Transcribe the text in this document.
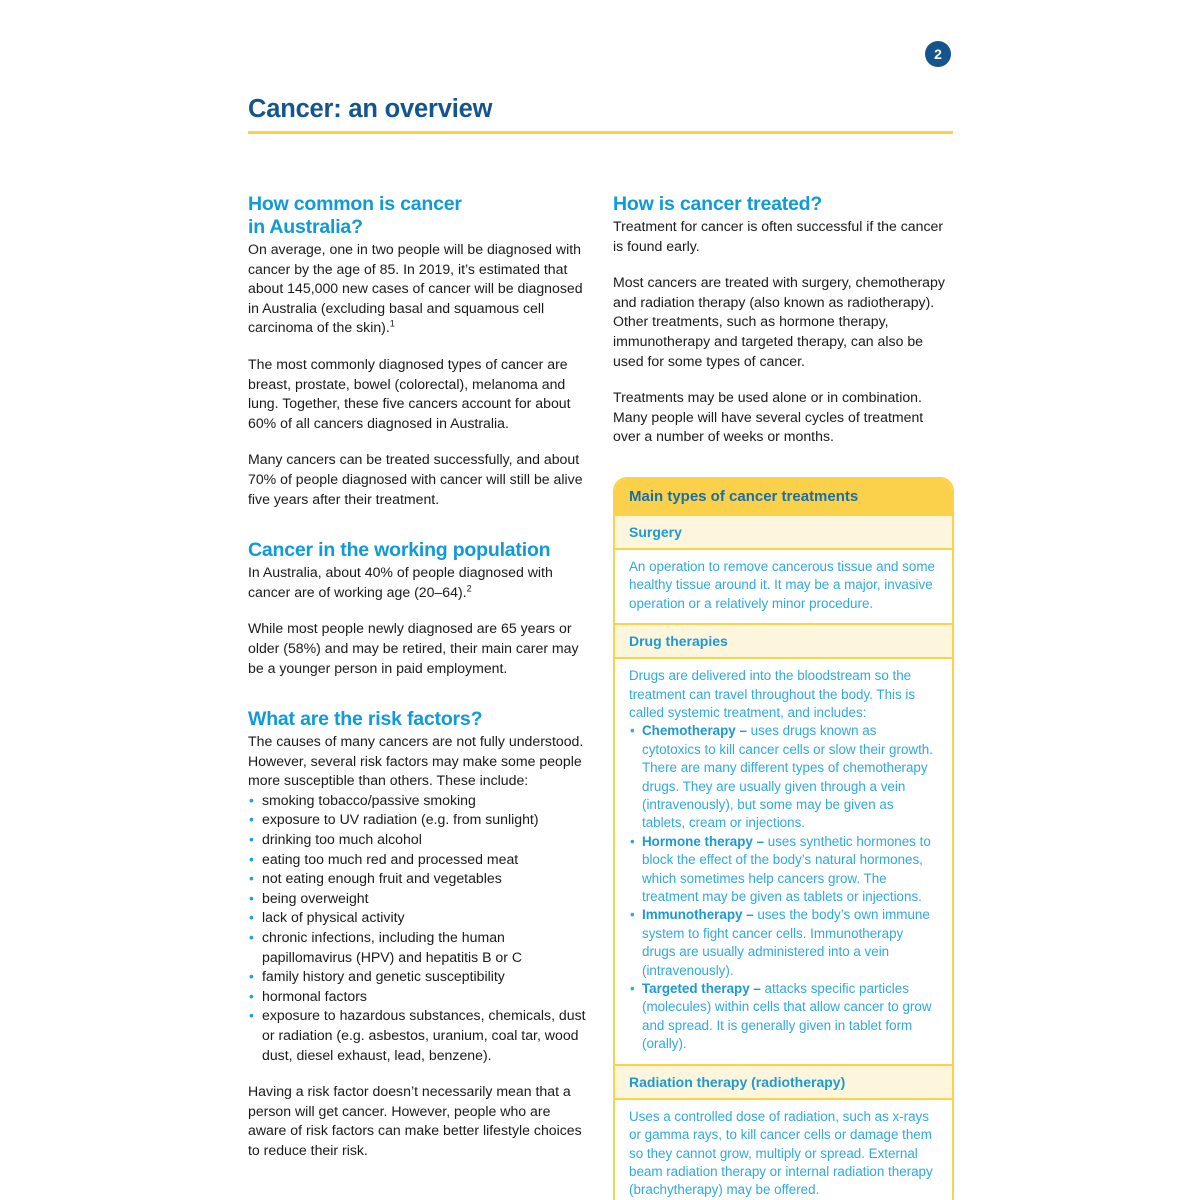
2
Cancer: an overview
How common is cancer
in Australia?

On average, one in two people will be diagnosed with cancer by the age of 85. In 2019, it’s estimated that about 145,000 new cases of cancer will be diagnosed in Australia (excluding basal and squamous cell carcinoma of the skin).$^1$

The most commonly diagnosed types of cancer are breast, prostate, bowel (colorectal), melanoma and lung. Together, these five cancers account for about 60% of all cancers diagnosed in Australia.

Many cancers can be treated successfully, and about 70% of people diagnosed with cancer will still be alive five years after their treatment.

Cancer in the working population

In Australia, about 40% of people diagnosed with cancer are of working age (20–64).$^2$

While most people newly diagnosed are 65 years or older (58%) and may be retired, their main carer may be a younger person in paid employment.

What are the risk factors?

The causes of many cancers are not fully understood. However, several risk factors may make some people more susceptible than others. These include:

• smoking tobacco/passive smoking
• exposure to UV radiation (e.g. from sunlight)
• drinking too much alcohol
• eating too much red and processed meat
• not eating enough fruit and vegetables
• being overweight
• lack of physical activity
• chronic infections, including the human papillomavirus (HPV) and hepatitis B or C
• family history and genetic susceptibility
• hormonal factors
• exposure to hazardous substances, chemicals, dust or radiation (e.g. asbestos, uranium, coal tar, wood dust, diesel exhaust, lead, benzene).

Having a risk factor doesn’t necessarily mean that a person will get cancer. However, people who are aware of risk factors can make better lifestyle choices to reduce their risk.

How is cancer treated?

Treatment for cancer is often successful if the cancer is found early.

Most cancers are treated with surgery, chemotherapy and radiation therapy (also known as radiotherapy). Other treatments, such as hormone therapy, immunotherapy and targeted therapy, can also be used for some types of cancer.

Treatments may be used alone or in combination. Many people will have several cycles of treatment over a number of weeks or months.

Main types of cancer treatments
Surgery

An operation to remove cancerous tissue and some healthy tissue around it. It may be a major, invasive operation or a relatively minor procedure.

Drug therapies

Drugs are delivered into the bloodstream so the treatment can travel throughout the body. This is called systemic treatment, and includes:

• Chemotherapy – uses drugs known as cytotoxics to kill cancer cells or slow their growth. There are many different types of chemotherapy drugs. They are usually given through a vein (intravenously), but some may be given as tablets, cream or injections.
• Hormone therapy – uses synthetic hormones to block the effect of the body’s natural hormones, which sometimes help cancers grow. The treatment may be given as tablets or injections.
• Immunotherapy – uses the body’s own immune system to fight cancer cells. Immunotherapy drugs are usually administered into a vein (intravenously).
• Targeted therapy – attacks specific particles (molecules) within cells that allow cancer to grow and spread. It is generally given in tablet form (orally).
Radiation therapy (radiotherapy)

Uses a controlled dose of radiation, such as x-rays or gamma rays, to kill cancer cells or damage them so they cannot grow, multiply or spread. External beam radiation therapy or internal radiation therapy (brachytherapy) may be offered.
